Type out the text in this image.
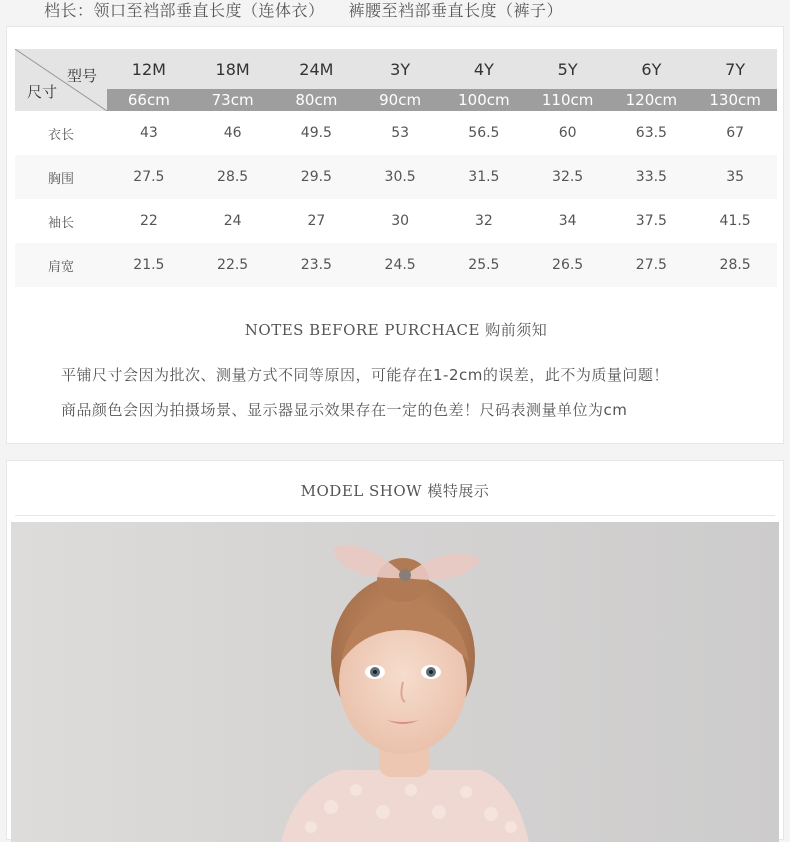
档长：领口至裆部垂直长度（连体衣） 裤腰至裆部垂直长度（裤子）
型号
尺寸	12M	18M	24M	3Y	4Y	5Y	6Y	7Y
	66cm	73cm	80cm	90cm	100cm	110cm	120cm	130cm
衣长	43	46	49.5	53	56.5	60	63.5	67
胸围	27.5	28.5	29.5	30.5	31.5	32.5	33.5	35
袖长	22	24	27	30	32	34	37.5	41.5
肩宽	21.5	22.5	23.5	24.5	25.5	26.5	27.5	28.5
NOTES BEFORE PURCHACE 购前须知
平铺尺寸会因为批次、测量方式不同等原因，可能存在1-2cm的误差，此不为质量问题！
商品颜色会因为拍摄场景、显示器显示效果存在一定的色差！尺码表测量单位为cm
MODEL SHOW 模特展示
